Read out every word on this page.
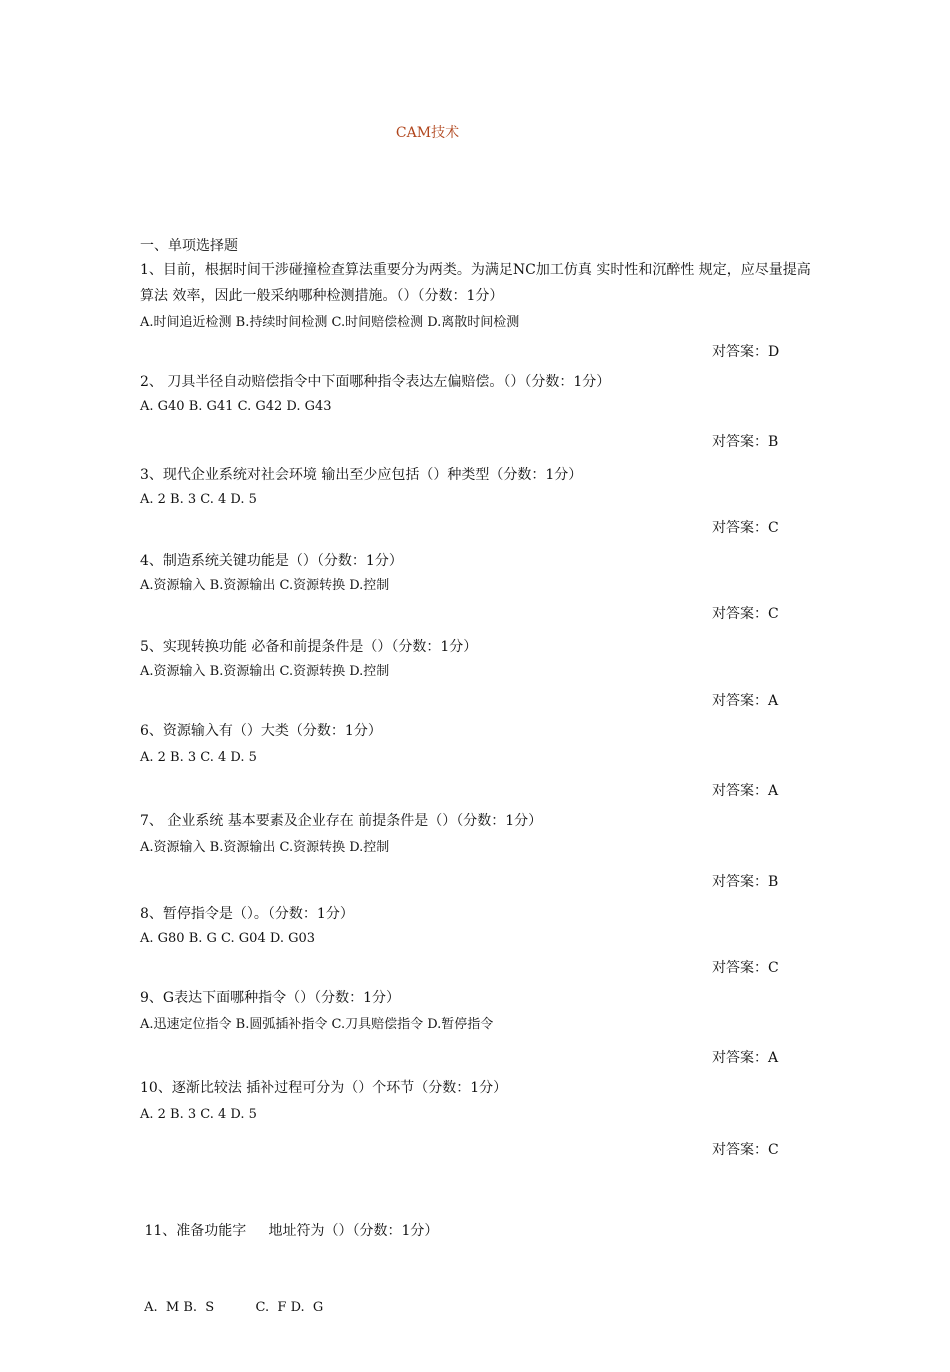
CAM技术
一、单项选择题
1、目前，根据时间干涉碰撞检查算法重要分为两类。为满足NC加工仿真 实时性和沉醉性 规定，应尽量提高算法 效率，因此一般采纳哪种检测措施。（）（分数：1分）
A.时间追近检测 B.持续时间检测 C.时间赔偿检测 D.离散时间检测
对答案：D
2、 刀具半径自动赔偿指令中下面哪种指令表达左偏赔偿。（）（分数：1分）
A. G40 B. G41 C. G42 D. G43
对答案：B
3、现代企业系统对社会环境 输出至少应包括（）种类型（分数：1分）
A. 2 B. 3 C. 4 D. 5
对答案：C
4、制造系统关键功能是（）（分数：1分）
A.资源输入 B.资源输出 C.资源转换 D.控制
对答案：C
5、实现转换功能 必备和前提条件是（）（分数：1分）
A.资源输入 B.资源输出 C.资源转换 D.控制
对答案：A
6、资源输入有（）大类（分数：1分）
A. 2 B. 3 C. 4 D. 5
对答案：A
7、 企业系统 基本要素及企业存在 前提条件是（）（分数：1分）
A.资源输入 B.资源输出 C.资源转换 D.控制
对答案：B
8、暂停指令是（）。（分数：1分）
A. G80 B. G C. G04 D. G03
对答案：C
9、G表达下面哪种指令（）（分数：1分）
A.迅速定位指令 B.圆弧插补指令 C.刀具赔偿指令 D.暂停指令
对答案：A
10、逐渐比较法 插补过程可分为（）个环节（分数：1分）
A. 2 B. 3 C. 4 D. 5
对答案：C

11、准备功能字     地址符为（）（分数：1分）

A.  M B.  S          C.  F D.  G
